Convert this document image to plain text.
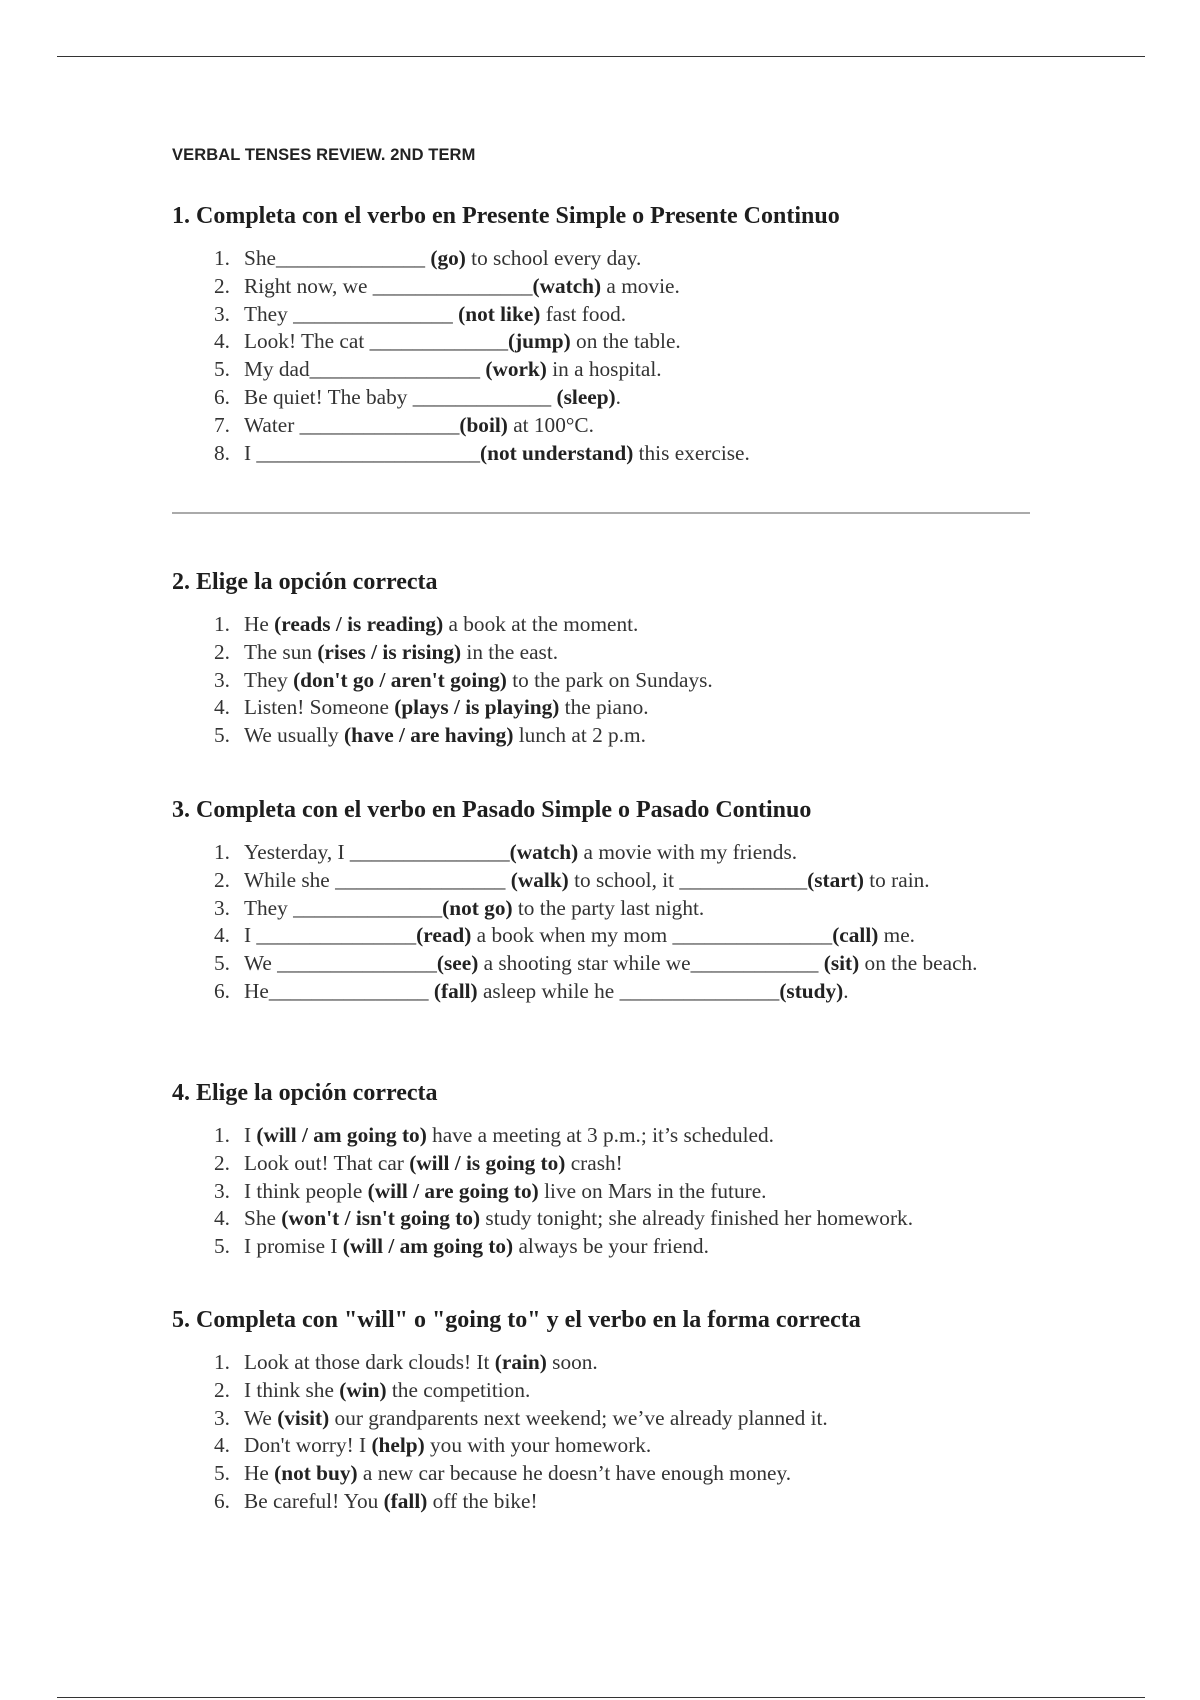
VERBAL TENSES REVIEW. 2ND TERM
1. Completa con el verbo en Presente Simple o Presente Continuo
1. She______________ (go) to school every day.
2. Right now, we _______________(watch) a movie.
3. They _______________ (not like) fast food.
4. Look! The cat _____________(jump) on the table.
5. My dad________________ (work) in a hospital.
6. Be quiet! The baby _____________ (sleep).
7. Water _______________(boil) at 100°C.
8. I _____________________(not understand) this exercise.
2. Elige la opción correcta
1. He (reads / is reading) a book at the moment.
2. The sun (rises / is rising) in the east.
3. They (don't go / aren't going) to the park on Sundays.
4. Listen! Someone (plays / is playing) the piano.
5. We usually (have / are having) lunch at 2 p.m.
3. Completa con el verbo en Pasado Simple o Pasado Continuo
1. Yesterday, I _______________(watch) a movie with my friends.
2. While she ________________ (walk) to school, it ____________(start) to rain.
3. They ______________(not go) to the party last night.
4. I _______________(read) a book when my mom _______________(call) me.
5. We _______________(see) a shooting star while we____________ (sit) on the beach.
6. He_______________ (fall) asleep while he _______________(study).
4. Elige la opción correcta
1. I (will / am going to) have a meeting at 3 p.m.; it’s scheduled.
2. Look out! That car (will / is going to) crash!
3. I think people (will / are going to) live on Mars in the future.
4. She (won't / isn't going to) study tonight; she already finished her homework.
5. I promise I (will / am going to) always be your friend.
5. Completa con "will" o "going to" y el verbo en la forma correcta
1. Look at those dark clouds! It (rain) soon.
2. I think she (win) the competition.
3. We (visit) our grandparents next weekend; we’ve already planned it.
4. Don't worry! I (help) you with your homework.
5. He (not buy) a new car because he doesn’t have enough money.
6. Be careful! You (fall) off the bike!
